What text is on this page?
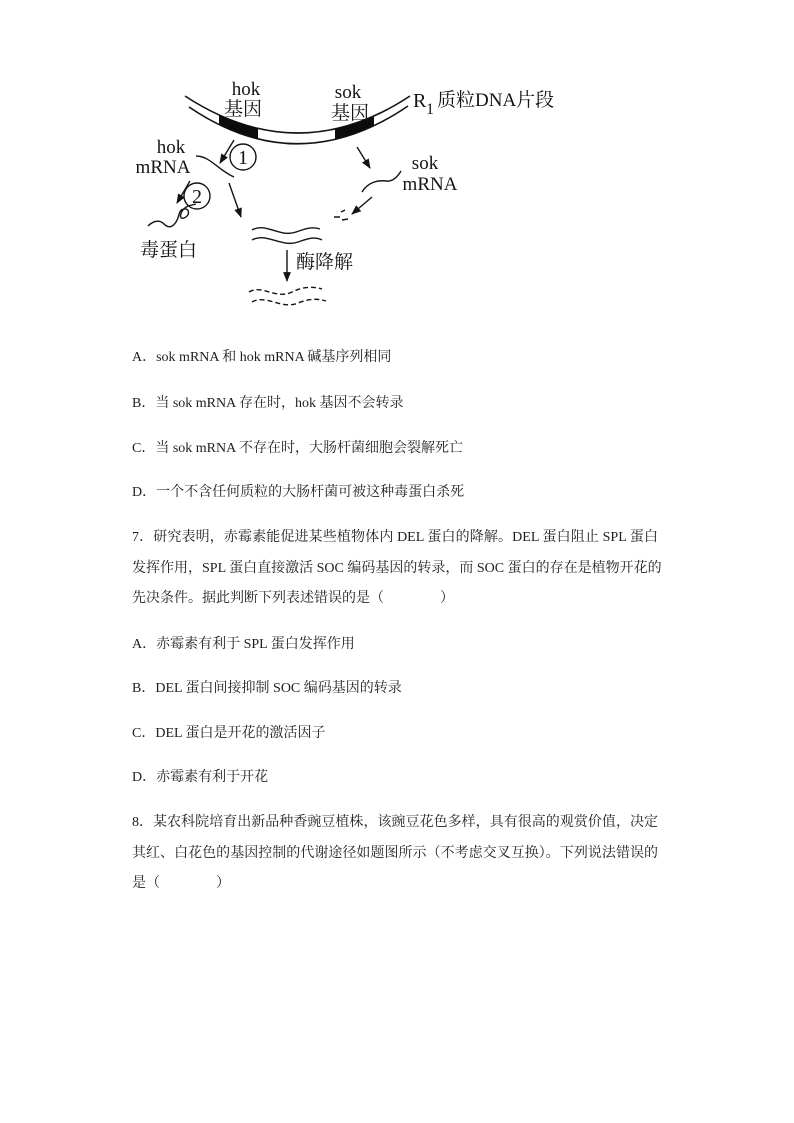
hok
基因
sok
基因
R 1 质粒DNA片段
1
hok
mRNA
2
毒蛋白
sok
mRNA
酶降解
A．sok mRNA 和 hok mRNA 碱基序列相同
B．当 sok mRNA 存在时，hok 基因不会转录
C．当 sok mRNA 不存在时，大肠杆菌细胞会裂解死亡
D．一个不含任何质粒的大肠杆菌可被这种毒蛋白杀死
7．研究表明，赤霉素能促进某些植物体内 DEL 蛋白的降解。DEL 蛋白阻止 SPL 蛋白
发挥作用，SPL 蛋白直接激活 SOC 编码基因的转录，而 SOC 蛋白的存在是植物开花的
先决条件。据此判断下列表述错误的是（　　　　）
A．赤霉素有利于 SPL 蛋白发挥作用
B．DEL 蛋白间接抑制 SOC 编码基因的转录
C．DEL 蛋白是开花的激活因子
D．赤霉素有利于开花
8．某农科院培育出新品种香豌豆植株，该豌豆花色多样，具有很高的观赏价值，决定
其红、白花色的基因控制的代谢途径如题图所示（不考虑交叉互换）。下列说法错误的
是（　　　　）
